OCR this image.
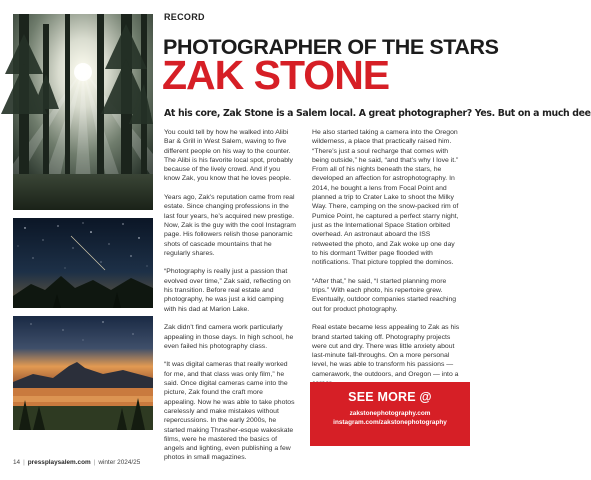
RECORD
PHOTOGRAPHER OF THE STARS
ZAK STONE
At his core, Zak Stone is a Salem local. A great photographer? Yes. But on a much dee

You could tell by how he walked into Alibi Bar & Grill in West Salem, waving to five different people on his way to the counter. The Alibi is his favorite local spot, probably because of the lively crowd. And if you know Zak, you know that he loves people.

Years ago, Zak’s reputation came from real estate. Since changing professions in the last four years, he’s acquired new prestige. Now, Zak is the guy with the cool Instagram page. His followers relish those panoramic shots of cascade mountains that he regularly shares.

“Photography is really just a passion that evolved over time,” Zak said, reflecting on his transition. Before real estate and photography, he was just a kid camping with his dad at Marion Lake.

Zak didn’t find camera work particularly appealing in those days. In high school, he even failed his photography class.

“It was digital cameras that really worked for me, and that class was only film,” he said. Once digital cameras came into the picture, Zak found the craft more appealing. Now he was able to take photos carelessly and make mistakes without repercussions. In the early 2000s, he started making Thrasher-esque wakeskate films, were he mastered the basics of angels and lighting, even publishing a few photos in small magazines.

He also started taking a camera into the Oregon wilderness, a place that practically raised him. “There’s just a soul recharge that comes with being outside,” he said, “and that’s why I love it.” From all of his nights beneath the stars, he developed an affection for astrophotography. In 2014, he bought a lens from Focal Point and planned a trip to Crater Lake to shoot the Milky Way. There, camping on the snow-packed rim of Pumice Point, he captured a perfect starry night, just as the International Space Station orbited overhead. An astronaut aboard the ISS retweeted the photo, and Zak woke up one day to his dormant Twitter page flooded with notifications. That picture toppled the dominos.

“After that,” he said, “I started planning more trips.” With each photo, his repertoire grew. Eventually, outdoor companies started reaching out for product photography.

Real estate became less appealing to Zak as his brand started taking off. Photography projects were cut and dry. There was little anxiety about last-minute fall-throughs. On a more personal level, he was able to transform his passions — camerawork, the outdoors, and Oregon — into a

SEE MORE @
zakstonephotography.com
instagram.com/zakstonephotography
14 | pressplaysalem.com | winter 2024/25
